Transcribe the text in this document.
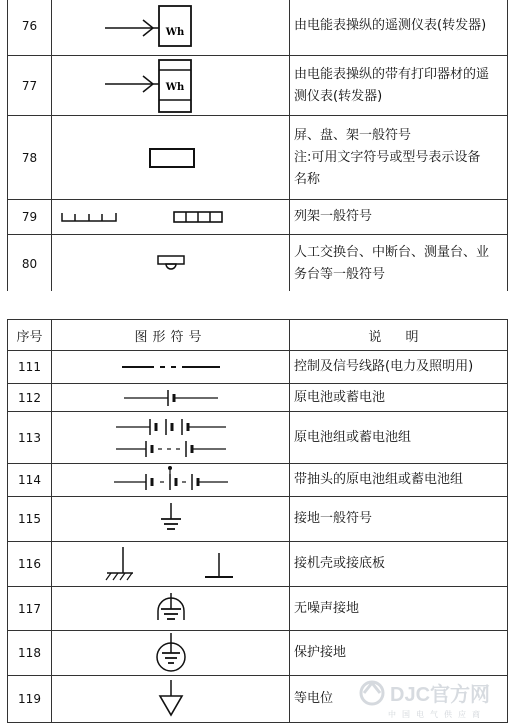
76	Wh	由电能表操纵的遥测仪表(转发器)

77	Wh	由电能表操纵的带有打印器材的遥
测仪表(转发器)

78		屏、盘、架一般符号
注:可用文字符号或型号表示设备
名称

79		列架一般符号

80		人工交换台、中断台、测量台、业
务台等一般符号
序号	图形符号	说 明
111		控制及信号线路(电力及照明用)
112		原电池或蓄电池
113		原电池组或蓄电池组
114		带抽头的原电池组或蓄电池组
115		接地一般符号
116		接机壳或接底板
117		无噪声接地
118		保护接地
119		等电位	DJC官方网
中国电气供应商
